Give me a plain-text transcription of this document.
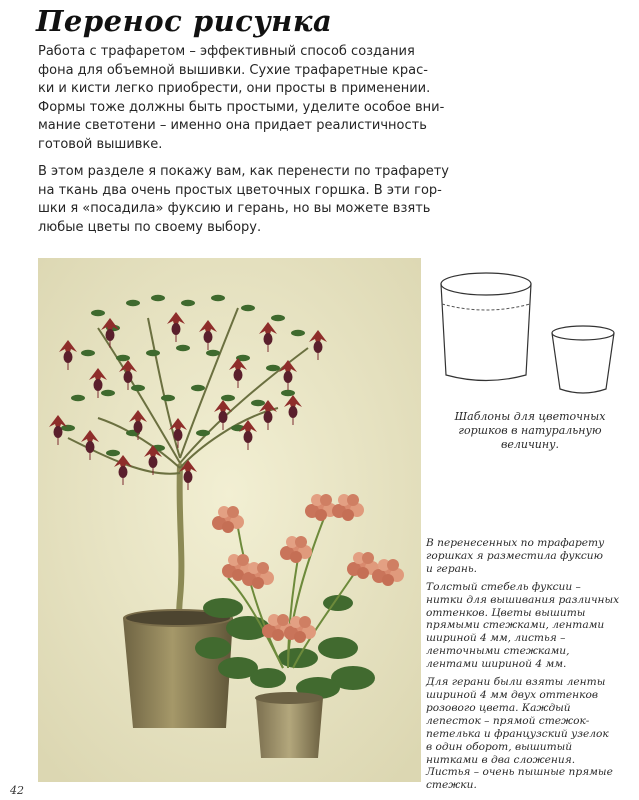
Перенос рисунка
Работа с трафаретом – эффективный способ создания
фона для объемной вышивки. Сухие трафаретные крас-
ки и кисти легко приобрести, они просты в применении.
Формы тоже должны быть простыми, уделите особое вни-
мание светотени – именно она придает реалистичность
готовой вышивке.
В этом разделе я покажу вам, как перенести по трафарету
на ткань два очень простых цветочных горшка. В эти гор-
шки я «посадила» фуксию и герань, но вы можете взять
любые цветы по своему выбору.
Шаблоны для цветочных
горшков в натуральную
величину.
В перенесенных по трафарету
горшках я разместила фуксию
и герань.
Толстый стебель фуксии –
нитки для вышивания различных
оттенков. Цветы вышиты
прямыми стежками, лентами
шириной 4 мм, листья –
ленточными стежками,
лентами шириной 4 мм.
Для герани были взяты ленты
шириной 4 мм двух оттенков
розового цвета. Каждый
лепесток – прямой стежок-
петелька и французский узелок
в один оборот, вышитый
нитками в два сложения.
Листья – очень пышные прямые
стежки.
42
